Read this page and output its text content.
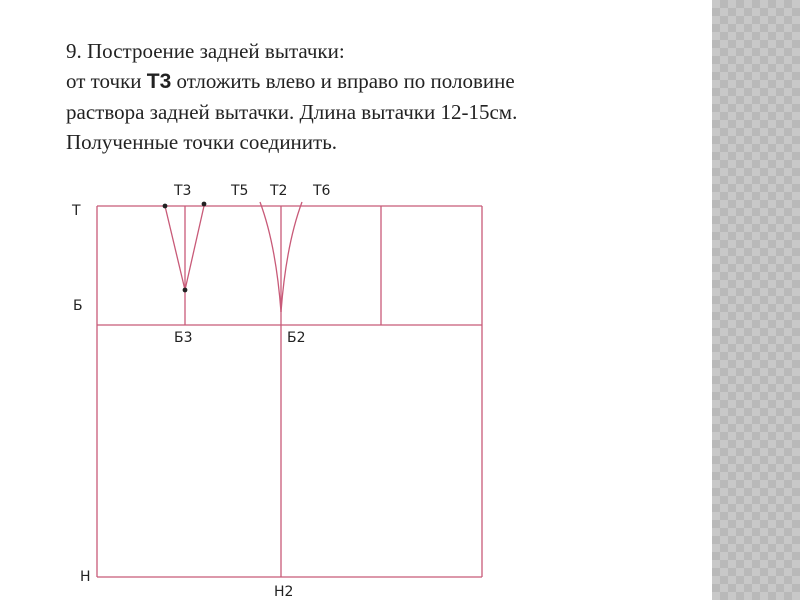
9. Построение задней вытачки:
от точки Т3 отложить влево и вправо по половине
раствора задней вытачки. Длина вытачки 12-15см.
Полученные точки соединить.
Т
Б
Н
Т3	Т5 Т2 Т6
Б3	Б2
Н2
